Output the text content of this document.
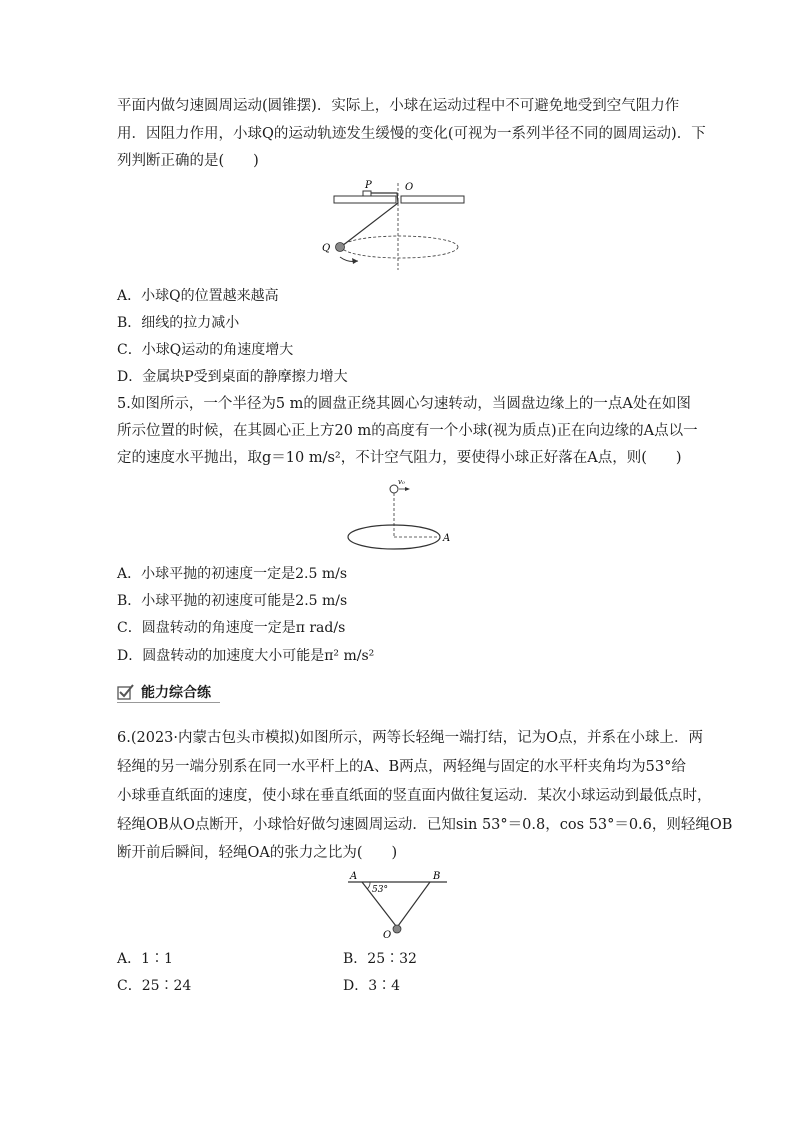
平面内做匀速圆周运动(圆锥摆)．实际上，小球在运动过程中不可避免地受到空气阻力作
用．因阻力作用，小球Q的运动轨迹发生缓慢的变化(可视为一系列半径不同的圆周运动)．下
列判断正确的是(　　)
P	O
Q
A．小球Q的位置越来越高
B．细线的拉力减小
C．小球Q运动的角速度增大
D．金属块P受到桌面的静摩擦力增大
5.如图所示，一个半径为5 m的圆盘正绕其圆心匀速转动，当圆盘边缘上的一点A处在如图
所示位置的时候，在其圆心正上方20 m的高度有一个小球(视为质点)正在向边缘的A点以一
定的速度水平抛出，取g＝10 m/s²，不计空气阻力，要使得小球正好落在A点，则(　　)
v₀
A
A．小球平抛的初速度一定是2.5 m/s
B．小球平抛的初速度可能是2.5 m/s
C．圆盘转动的角速度一定是π rad/s
D．圆盘转动的加速度大小可能是π² m/s²
能力综合练
6.(2023·内蒙古包头市模拟)如图所示，两等长轻绳一端打结，记为O点，并系在小球上．两
轻绳的另一端分别系在同一水平杆上的A、B两点，两轻绳与固定的水平杆夹角均为53°给
小球垂直纸面的速度，使小球在垂直纸面的竖直面内做往复运动．某次小球运动到最低点时，
轻绳OB从O点断开，小球恰好做匀速圆周运动．已知sin 53°＝0.8，cos 53°＝0.6，则轻绳OB
断开前后瞬间，轻绳OA的张力之比为(　　)
A	B
53°
O
A．1∶1	B．25∶32
C．25∶24	D．3∶4
